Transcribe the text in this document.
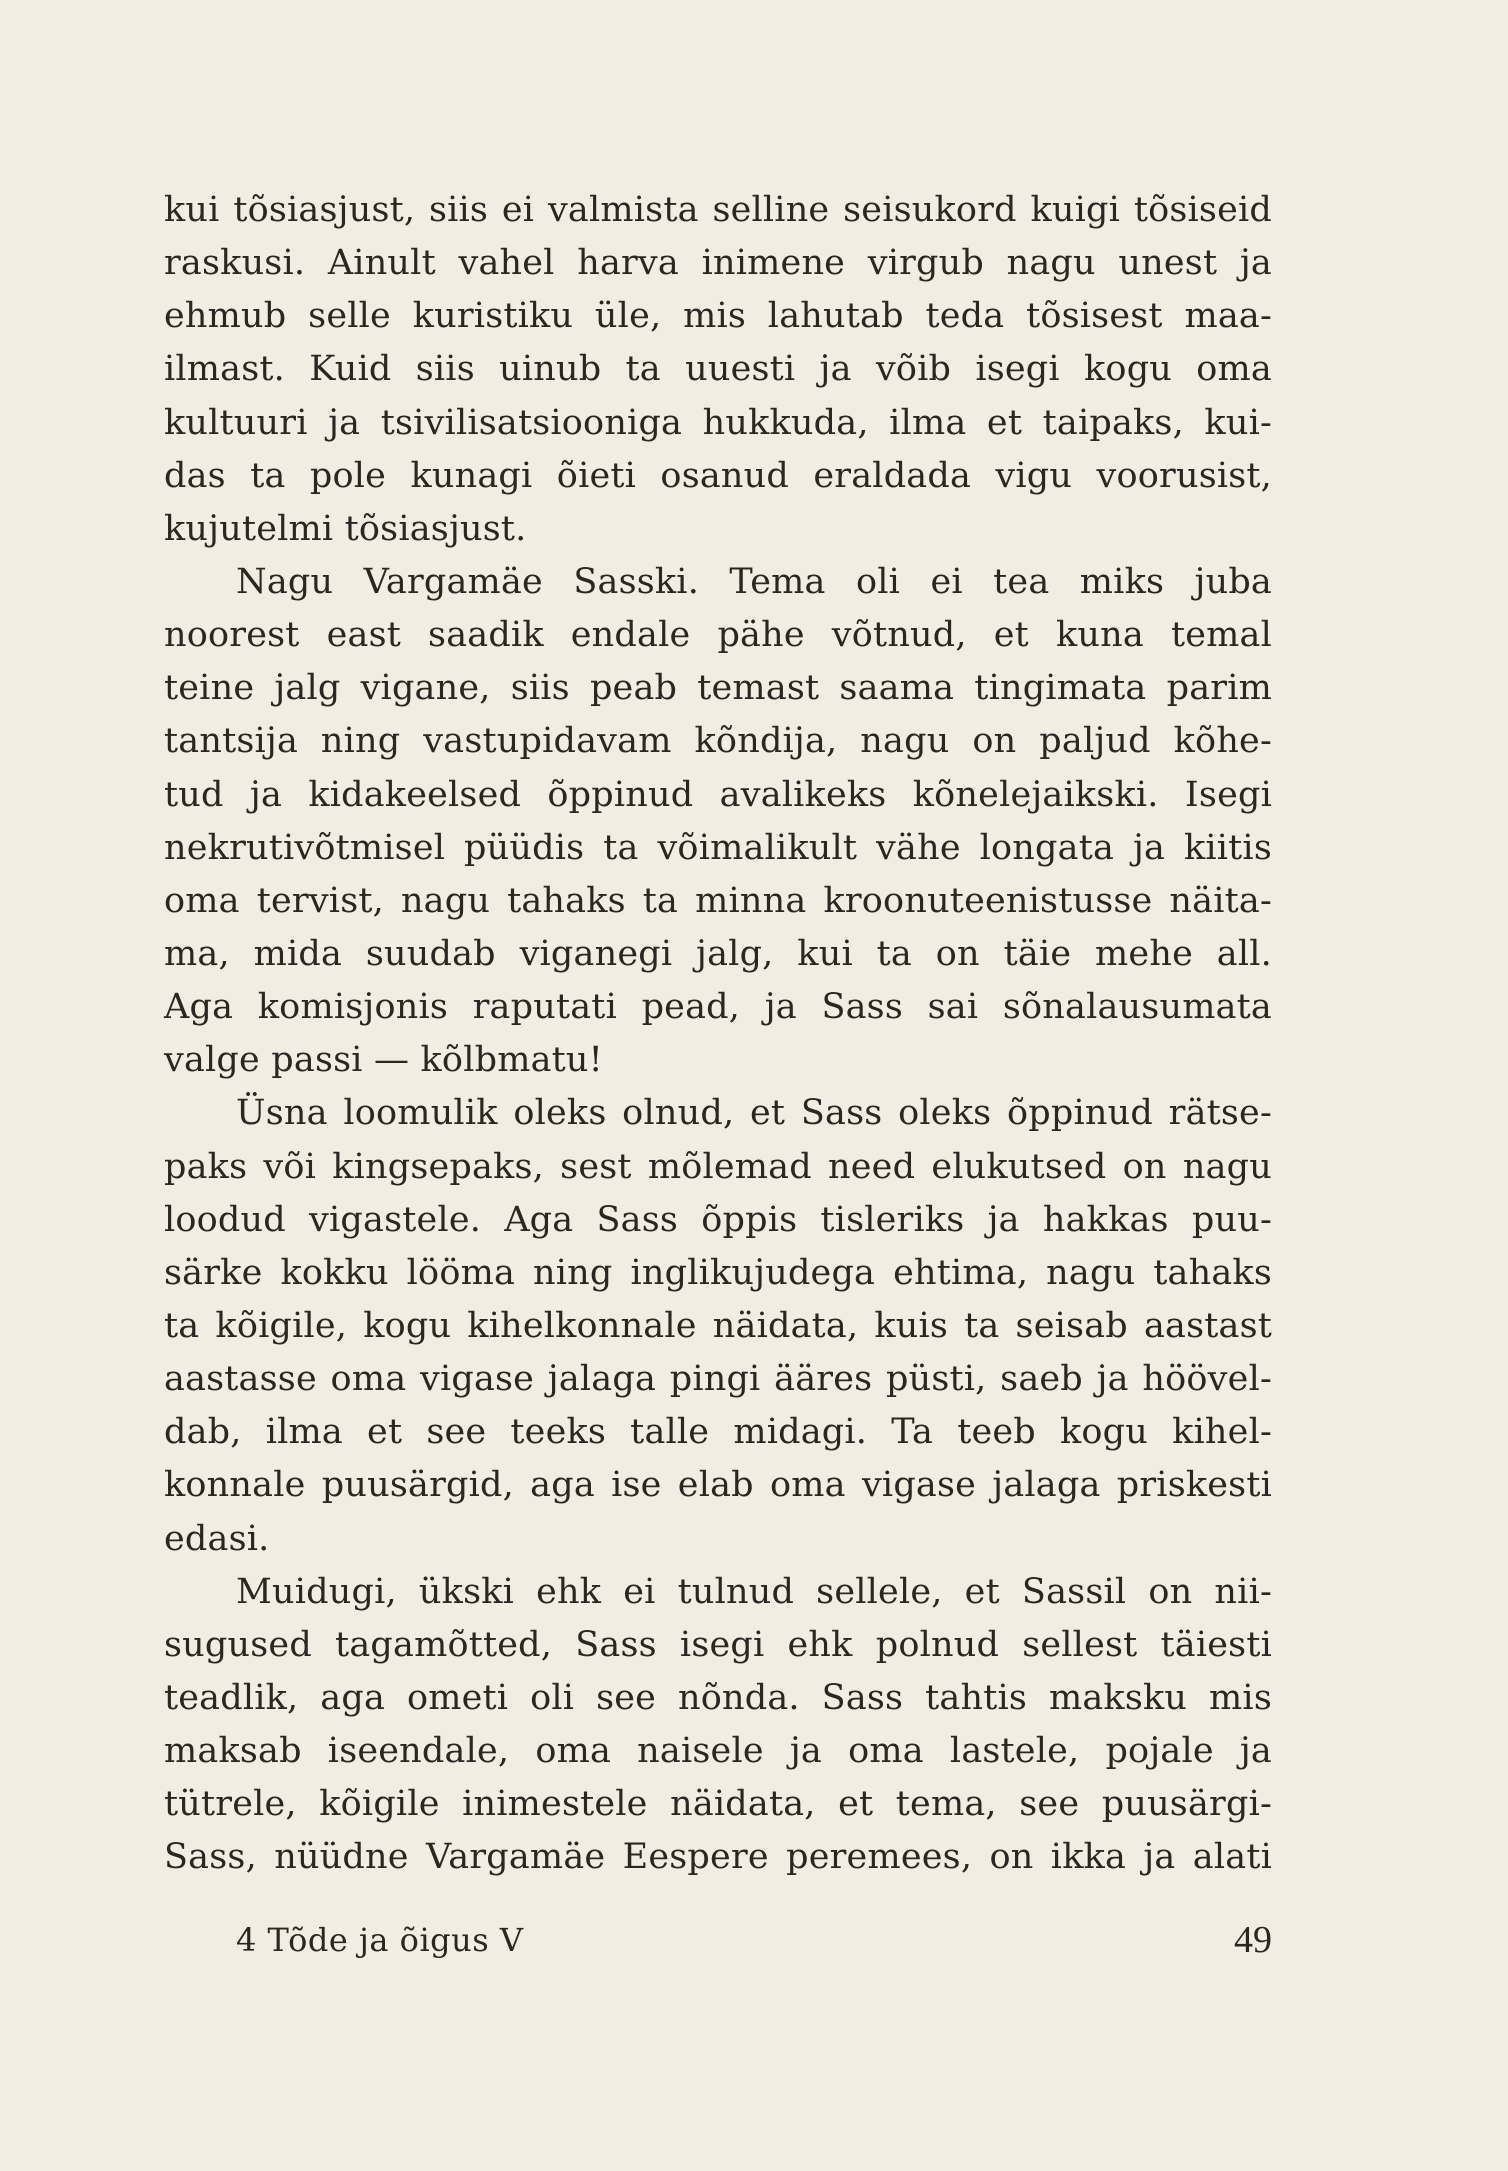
kui tõsiasjust, siis ei valmista selline seisukord kuigi tõsiseid
raskusi. Ainult vahel harva inimene virgub nagu unest ja
ehmub selle kuristiku üle, mis lahutab teda tõsisest maa-
ilmast. Kuid siis uinub ta uuesti ja võib isegi kogu oma
kultuuri ja tsivilisatsiooniga hukkuda, ilma et taipaks, kui-
das ta pole kunagi õieti osanud eraldada vigu voorusist,
kujutelmi tõsiasjust.
Nagu Vargamäe Sasski. Tema oli ei tea miks juba
noorest east saadik endale pähe võtnud, et kuna temal
teine jalg vigane, siis peab temast saama tingimata parim
tantsija ning vastupidavam kõndija, nagu on paljud kõhe-
tud ja kidakeelsed õppinud avalikeks kõnelejaikski. Isegi
nekrutivõtmisel püüdis ta võimalikult vähe longata ja kiitis
oma tervist, nagu tahaks ta minna kroonuteenistusse näita-
ma, mida suudab viganegi jalg, kui ta on täie mehe all.
Aga komisjonis raputati pead, ja Sass sai sõnalausumata
valge passi — kõlbmatu!
Üsna loomulik oleks olnud, et Sass oleks õppinud rätse-
paks või kingsepaks, sest mõlemad need elukutsed on nagu
loodud vigastele. Aga Sass õppis tisleriks ja hakkas puu-
särke kokku lööma ning inglikujudega ehtima, nagu tahaks
ta kõigile, kogu kihelkonnale näidata, kuis ta seisab aastast
aastasse oma vigase jalaga pingi ääres püsti, saeb ja höövel-
dab, ilma et see teeks talle midagi. Ta teeb kogu kihel-
konnale puusärgid, aga ise elab oma vigase jalaga priskesti
edasi.
Muidugi, ükski ehk ei tulnud sellele, et Sassil on nii-
sugused tagamõtted, Sass isegi ehk polnud sellest täiesti
teadlik, aga ometi oli see nõnda. Sass tahtis maksku mis
maksab iseendale, oma naisele ja oma lastele, pojale ja
tütrele, kõigile inimestele näidata, et tema, see puusärgi-
Sass, nüüdne Vargamäe Eespere peremees, on ikka ja alati
4 Tõde ja õigus V	49
